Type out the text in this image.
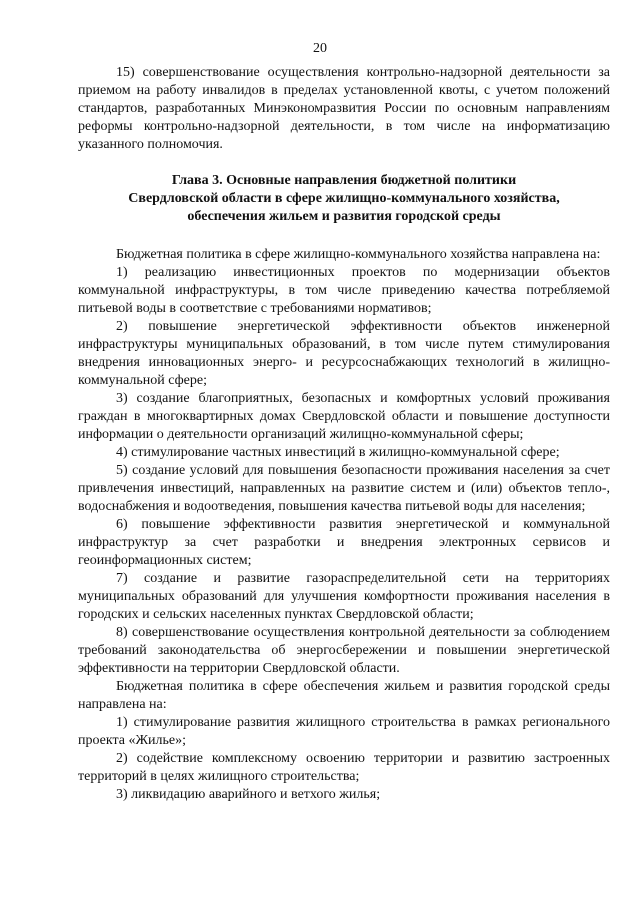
20

15) совершенствование осуществления контрольно-надзорной деятельности за приемом на работу инвалидов в пределах установленной квоты, с учетом положений стандартов, разработанных Минэкономразвития России по основным направлениям реформы контрольно-надзорной деятельности, в том числе на информатизацию указанного полномочия.

Глава 3. Основные направления бюджетной политики
Свердловской области в сфере жилищно-коммунального хозяйства,
обеспечения жильем и развития городской среды

Бюджетная политика в сфере жилищно-коммунального хозяйства направлена на:

1) реализацию инвестиционных проектов по модернизации объектов коммунальной инфраструктуры, в том числе приведению качества потребляемой питьевой воды в соответствие с требованиями нормативов;

2) повышение энергетической эффективности объектов инженерной инфраструктуры муниципальных образований, в том числе путем стимулирования внедрения инновационных энерго- и ресурсоснабжающих технологий в жилищно-коммунальной сфере;

3) создание благоприятных, безопасных и комфортных условий проживания граждан в многоквартирных домах Свердловской области и повышение доступности информации о деятельности организаций жилищно-коммунальной сферы;

4) стимулирование частных инвестиций в жилищно-коммунальной сфере;

5) создание условий для повышения безопасности проживания населения за счет привлечения инвестиций, направленных на развитие систем и (или) объектов тепло-, водоснабжения и водоотведения, повышения качества питьевой воды для населения;

6) повышение эффективности развития энергетической и коммунальной инфраструктур за счет разработки и внедрения электронных сервисов и геоинформационных систем;

7) создание и развитие газораспределительной сети на территориях муниципальных образований для улучшения комфортности проживания населения в городских и сельских населенных пунктах Свердловской области;

8) совершенствование осуществления контрольной деятельности за соблюдением требований законодательства об энергосбережении и повышении энергетической эффективности на территории Свердловской области.

Бюджетная политика в сфере обеспечения жильем и развития городской среды направлена на:

1) стимулирование развития жилищного строительства в рамках регионального проекта «Жилье»;

2) содействие комплексному освоению территории и развитию застроенных территорий в целях жилищного строительства;

3) ликвидацию аварийного и ветхого жилья;
